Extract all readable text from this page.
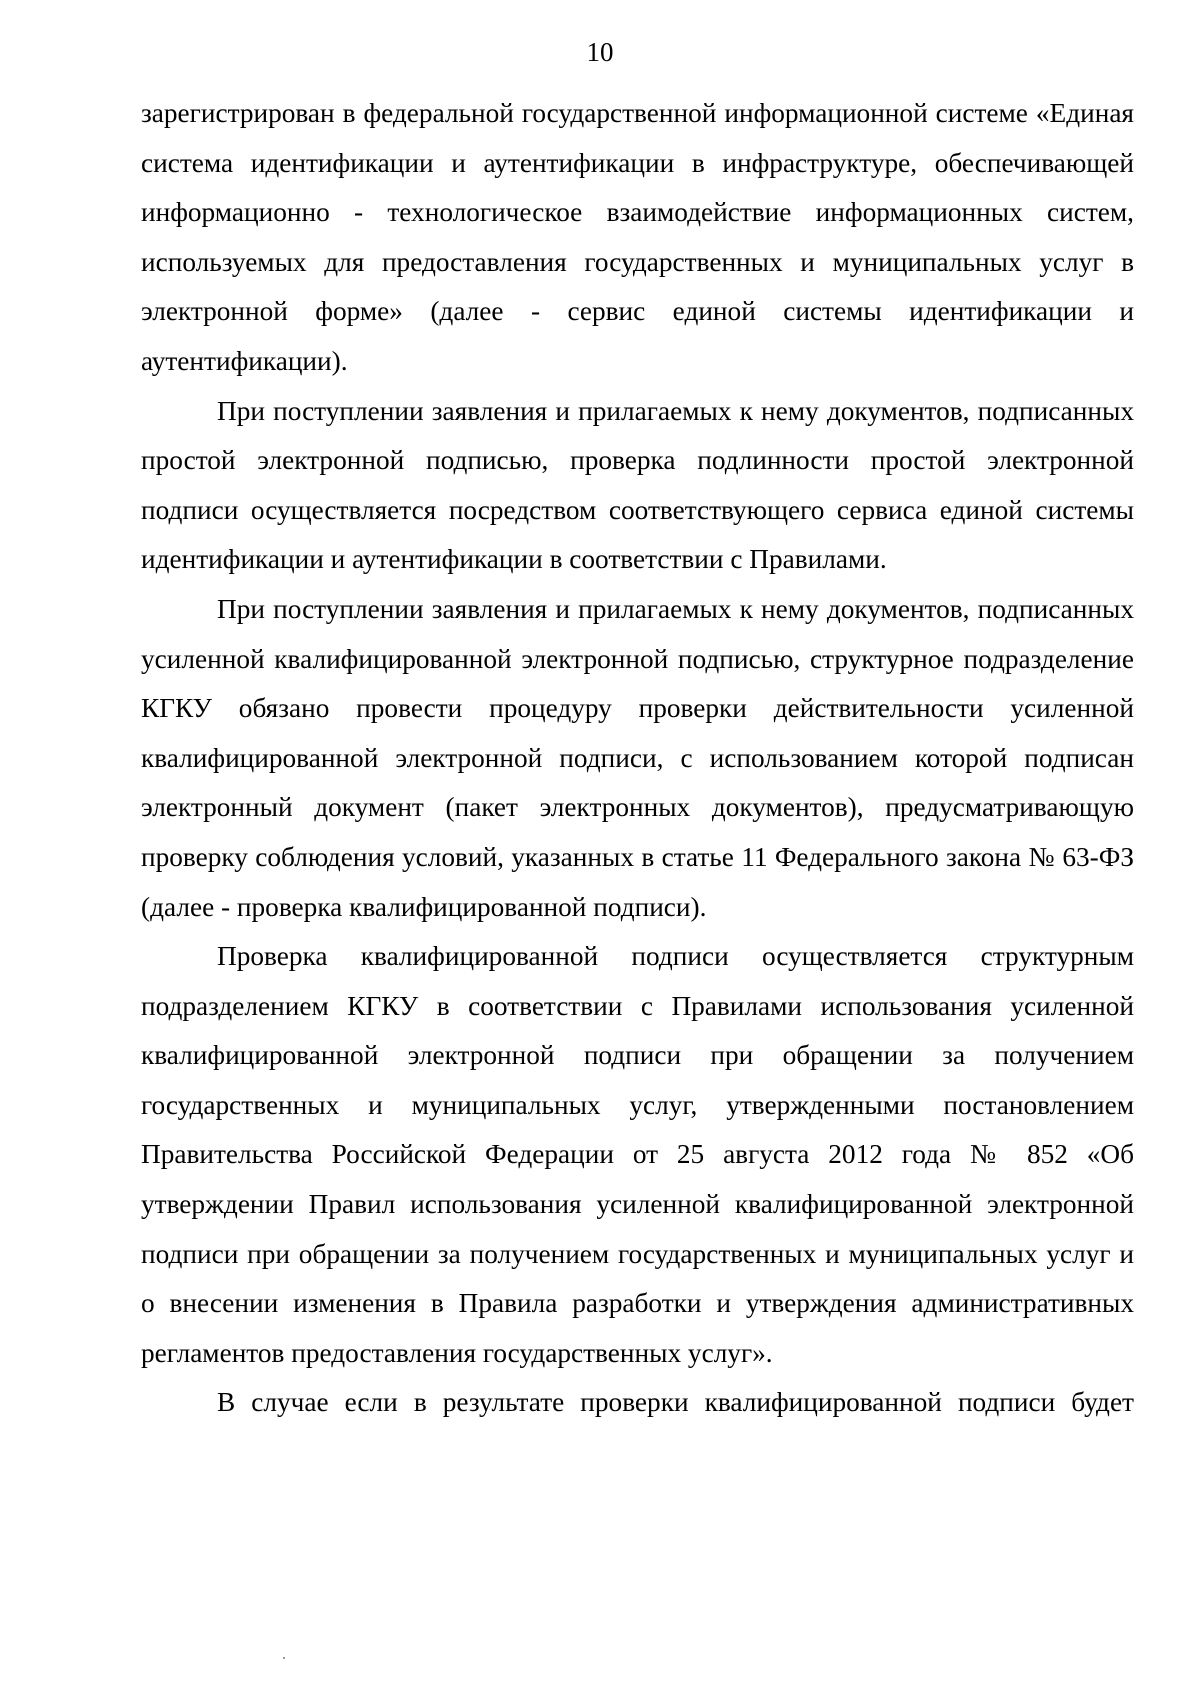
10

зарегистрирован в федеральной государственной информационной системе «Единая система идентификации и аутентификации в инфраструктуре, обеспечивающей информационно - технологическое взаимодействие информационных систем, используемых для предоставления государственных и муниципальных услуг в электронной форме» (далее - сервис единой системы идентификации и аутентификации).

При поступлении заявления и прилагаемых к нему документов, подписанных простой электронной подписью, проверка подлинности простой электронной подписи осуществляется посредством соответствующего сервиса единой системы идентификации и аутентификации в соответствии с Правилами.

При поступлении заявления и прилагаемых к нему документов, подписанных усиленной квалифицированной электронной подписью, структурное подразделение КГКУ обязано провести процедуру проверки действительности усиленной квалифицированной электронной подписи, с использованием которой подписан электронный документ (пакет электронных документов), предусматривающую проверку соблюдения условий, указанных в статье 11 Федерального закона № 63-ФЗ (далее - проверка квалифицированной подписи).

Проверка квалифицированной подписи осуществляется структурным подразделением КГКУ в соответствии с Правилами использования усиленной квалифицированной электронной подписи при обращении за получением государственных и муниципальных услуг, утвержденными постановлением Правительства Российской Федерации от 25 августа 2012 года № 852 «Об утверждении Правил использования усиленной квалифицированной электронной подписи при обращении за получением государственных и муниципальных услуг и о внесении изменения в Правила разработки и утверждения административных регламентов предоставления государственных услуг».

В случае если в результате проверки квалифицированной подписи будет
